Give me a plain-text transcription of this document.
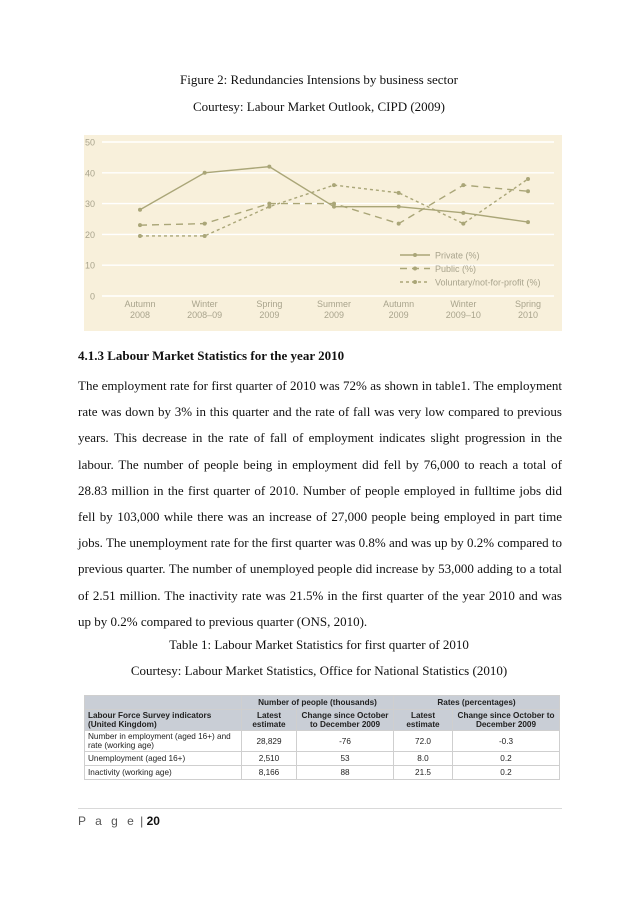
Figure 2: Redundancies Intensions by business sector
Courtesy: Labour Market Outlook, CIPD (2009)
0
10
20
30
40
50
Autumn
2008
Winter
2008–09
Spring
2009
Summer
2009
Autumn
2009
Winter
2009–10
Spring
2010
Private (%)
Public (%)
Voluntary/not-for-profit (%)
4.1.3 Labour Market Statistics for the year 2010

The employment rate for first quarter of 2010 was 72% as shown in table1. The employment rate was down by 3% in this quarter and the rate of fall was very low compared to previous years. This decrease in the rate of fall of employment indicates slight progression in the labour. The number of people being in employment did fell by 76,000 to reach a total of 28.83 million in the first quarter of 2010. Number of people employed in fulltime jobs did fell by 103,000 while there was an increase of 27,000 people being employed in part time jobs. The unemployment rate for the first quarter was 0.8% and was up by 0.2% compared to previous quarter. The number of unemployed people did increase by 53,000 adding to a total of 2.51 million. The inactivity rate was 21.5% in the first quarter of the year 2010 and was up by 0.2% compared to previous quarter (ONS, 2010).

Table 1: Labour Market Statistics for first quarter of 2010
Courtesy: Labour Market Statistics, Office for National Statistics (2010)
	Number of people (thousands)		Rates (percentages)	
Labour Force Survey indicators (United Kingdom)	Latest estimate	Change since October to December 2009	Latest estimate	Change since October to December 2009
Number in employment (aged 16+) and rate (working age)	28,829	-76	72.0	-0.3
Unemployment (aged 16+)	2,510	53	8.0	0.2
Inactivity (working age)	8,166	88	21.5	0.2
P a g e | 20
